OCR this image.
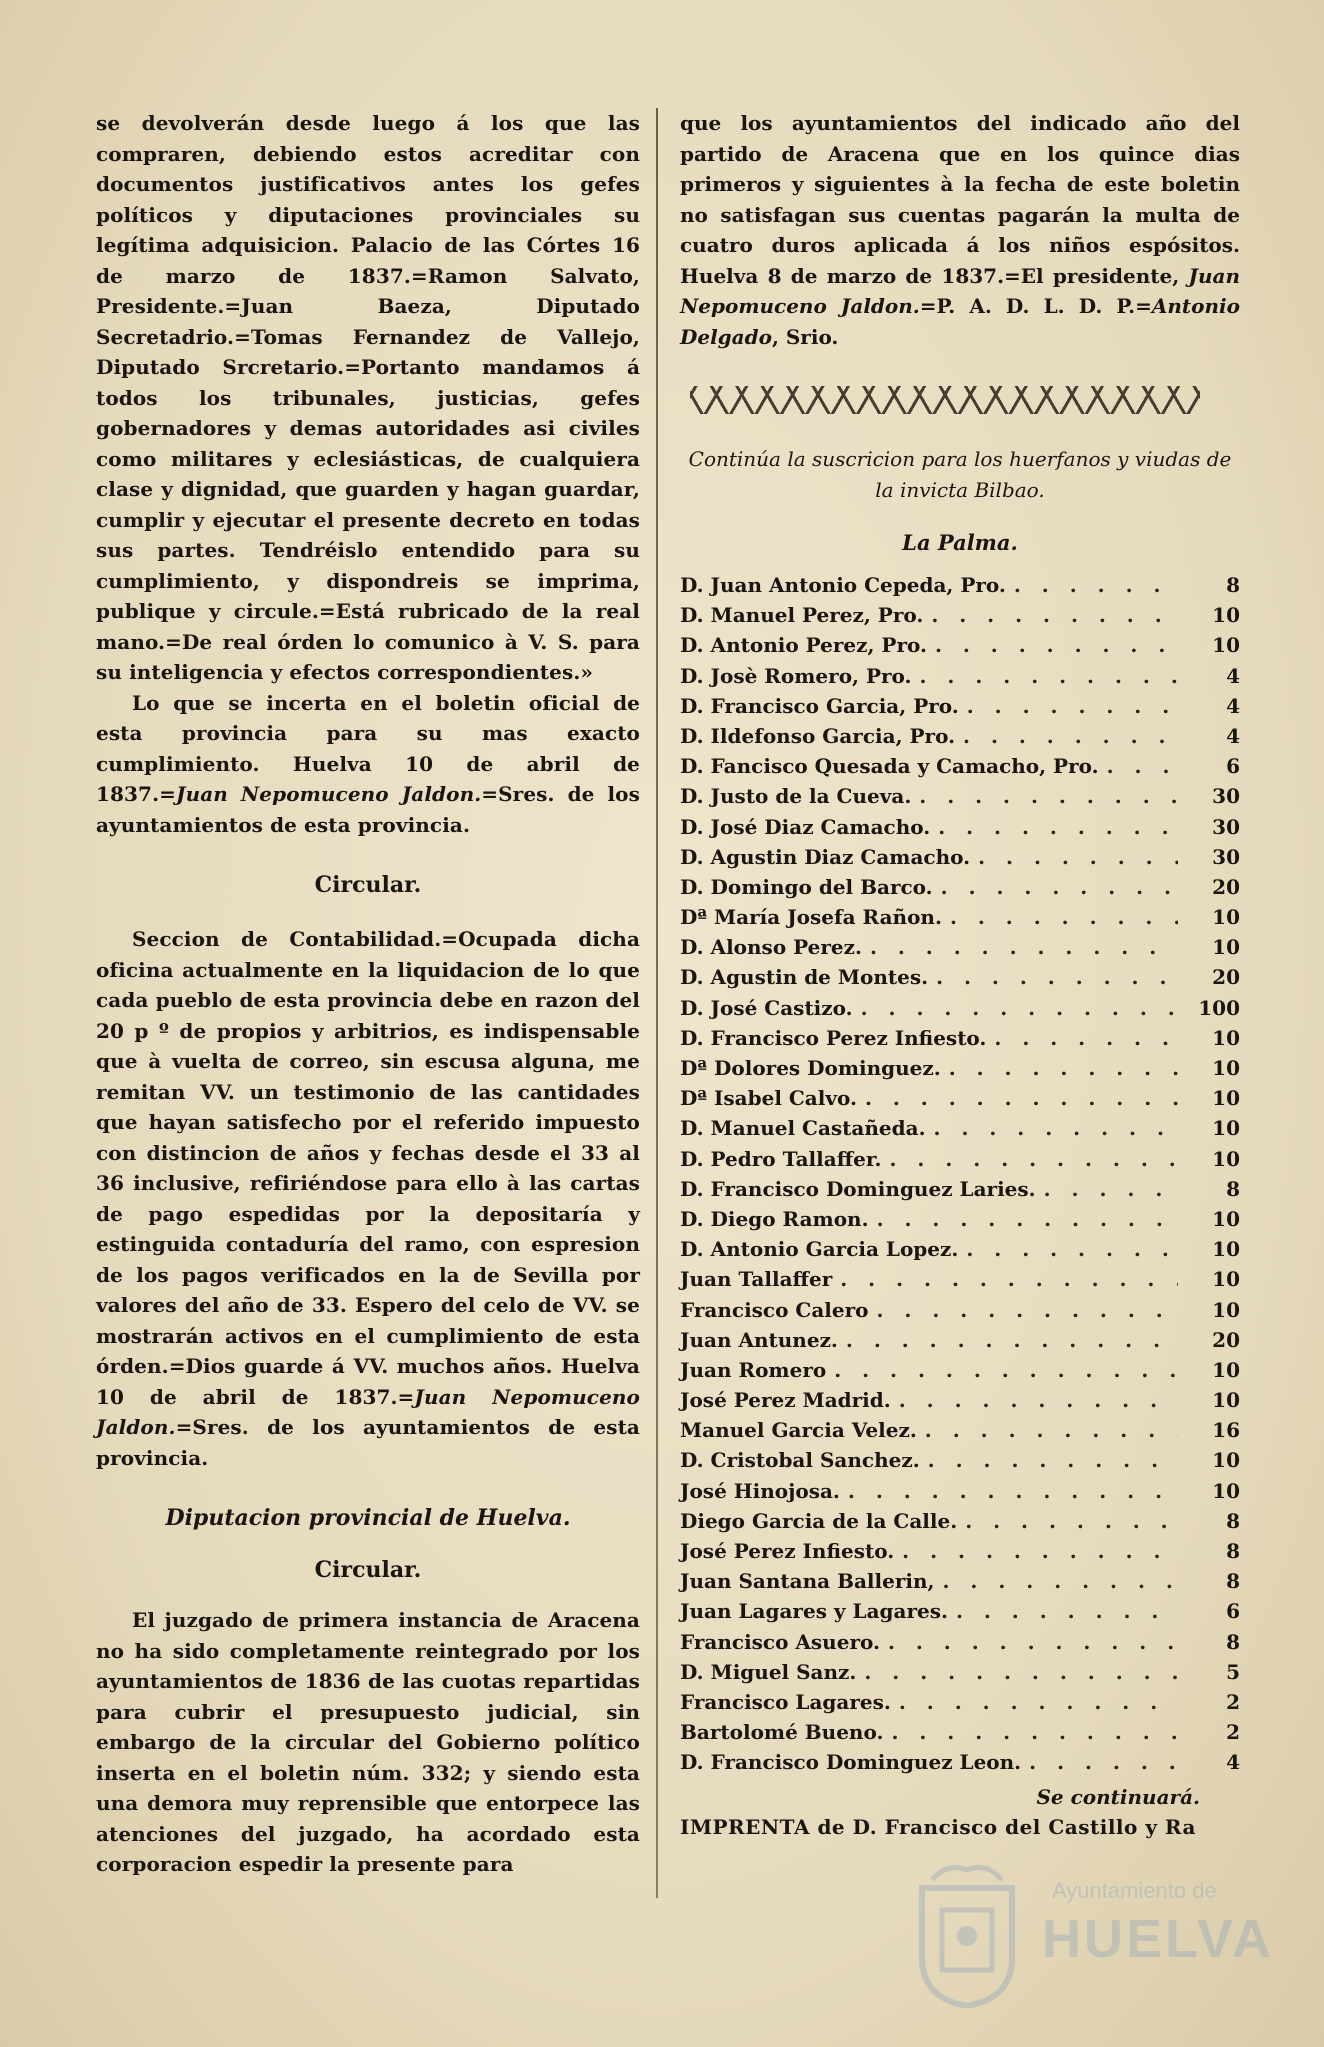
se devolverán desde luego á los que las compraren, debiendo estos acreditar con documentos justificativos antes los gefes políticos y diputaciones provinciales su legítima adquisicion. Palacio de las Córtes 16 de marzo de 1837.=Ramon Salvato, Presidente.=Juan Baeza, Diputado Secretadrio.=Tomas Fernandez de Vallejo, Diputado Srcretario.=Portanto mandamos á todos los tribunales, justicias, gefes gobernadores y demas autoridades asi civiles como militares y eclesiásticas, de cualquiera clase y dignidad, que guarden y hagan guardar, cumplir y ejecutar el presente decreto en todas sus partes. Tendréislo entendido para su cumplimiento, y dispondreis se imprima, publique y circule.=Está rubricado de la real mano.=De real órden lo comunico à V. S. para su inteligencia y efectos correspondientes.»

Lo que se incerta en el boletin oficial de esta provincia para su mas exacto cumplimiento. Huelva 10 de abril de 1837.=Juan Nepomuceno Jaldon.=Sres. de los ayuntamientos de esta provincia.

Circular.

Seccion de Contabilidad.=Ocupada dicha oficina actualmente en la liquidacion de lo que cada pueblo de esta provincia debe en razon del 20 p º de propios y arbitrios, es indispensable que à vuelta de correo, sin escusa alguna, me remitan VV. un testimonio de las cantidades que hayan satisfecho por el referido impuesto con distincion de años y fechas desde el 33 al 36 inclusive, refiriéndose para ello à las cartas de pago espedidas por la depositaría y estinguida contaduría del ramo, con espresion de los pagos verificados en la de Sevilla por valores del año de 33. Espero del celo de VV. se mostrarán activos en el cumplimiento de esta órden.=Dios guarde á VV. muchos años. Huelva 10 de abril de 1837.=Juan Nepomuceno Jaldon.=Sres. de los ayuntamientos de esta provincia.

Diputacion provincial de Huelva.
Circular.

El juzgado de primera instancia de Aracena no ha sido completamente reintegrado por los ayuntamientos de 1836 de las cuotas repartidas para cubrir el presupuesto judicial, sin embargo de la circular del Gobierno político inserta en el boletin núm. 332; y siendo esta una demora muy reprensible que entorpece las atenciones del juzgado, ha acordado esta corporacion espedir la presente para

que los ayuntamientos del indicado año del partido de Aracena que en los quince dias primeros y siguientes à la fecha de este boletin no satisfagan sus cuentas pagarán la multa de cuatro duros aplicada á los niños espósitos. Huelva 8 de marzo de 1837.=El presidente, Juan Nepomuceno Jaldon.=P. A. D. L. D. P.=Antonio Delgado, Srio.

Continúa la suscricion para los huerfanos y viudas de la invicta Bilbao.

La Palma.

D. Juan Antonio Cepeda, Pro. . . .	8
D. Manuel Perez, Pro. . . .	10
D. Antonio Perez, Pro. . . .	10
D. Josè Romero, Pro. . . .	4
D. Francisco Garcia, Pro. . . .	4
D. Ildefonso Garcia, Pro. . . .	4
D. Fancisco Quesada y Camacho, Pro. . . .	6
D. Justo de la Cueva. . . .	30
D. José Diaz Camacho. . . .	30
D. Agustin Diaz Camacho. . . .	30
D. Domingo del Barco. . . .	20
Dª María Josefa Rañon. . . .	10
D. Alonso Perez. . . .	10
D. Agustin de Montes. . . .	20
D. José Castizo. . . .	100
D. Francisco Perez Infiesto. . . .	10
Dª Dolores Dominguez. . . .	10
Dª Isabel Calvo. . . .	10
D. Manuel Castañeda. . . .	10
D. Pedro Tallaffer. . . .	10
D. Francisco Dominguez Laries. . . .	8
D. Diego Ramon. . . .	10
D. Antonio Garcia Lopez. . . .	10
Juan Tallaffer . . .	10
Francisco Calero . . .	10
Juan Antunez. . . .	20
Juan Romero . . .	10
José Perez Madrid. . . .	10
Manuel Garcia Velez. . . .	16
D. Cristobal Sanchez. . . .	10
José Hinojosa. . . .	10
Diego Garcia de la Calle. . . .	8
José Perez Infiesto. . . .	8
Juan Santana Ballerin, . . .	8
Juan Lagares y Lagares. . . .	6
Francisco Asuero. . . .	8
D. Miguel Sanz. . . .	5
Francisco Lagares. . . .	2
Bartolomé Bueno. . . .	2
D. Francisco Dominguez Leon. . . .	4

Se continuará.

IMPRENTA de D. Francisco del Castillo y Ra

Ayuntamiento de
HUELVA
